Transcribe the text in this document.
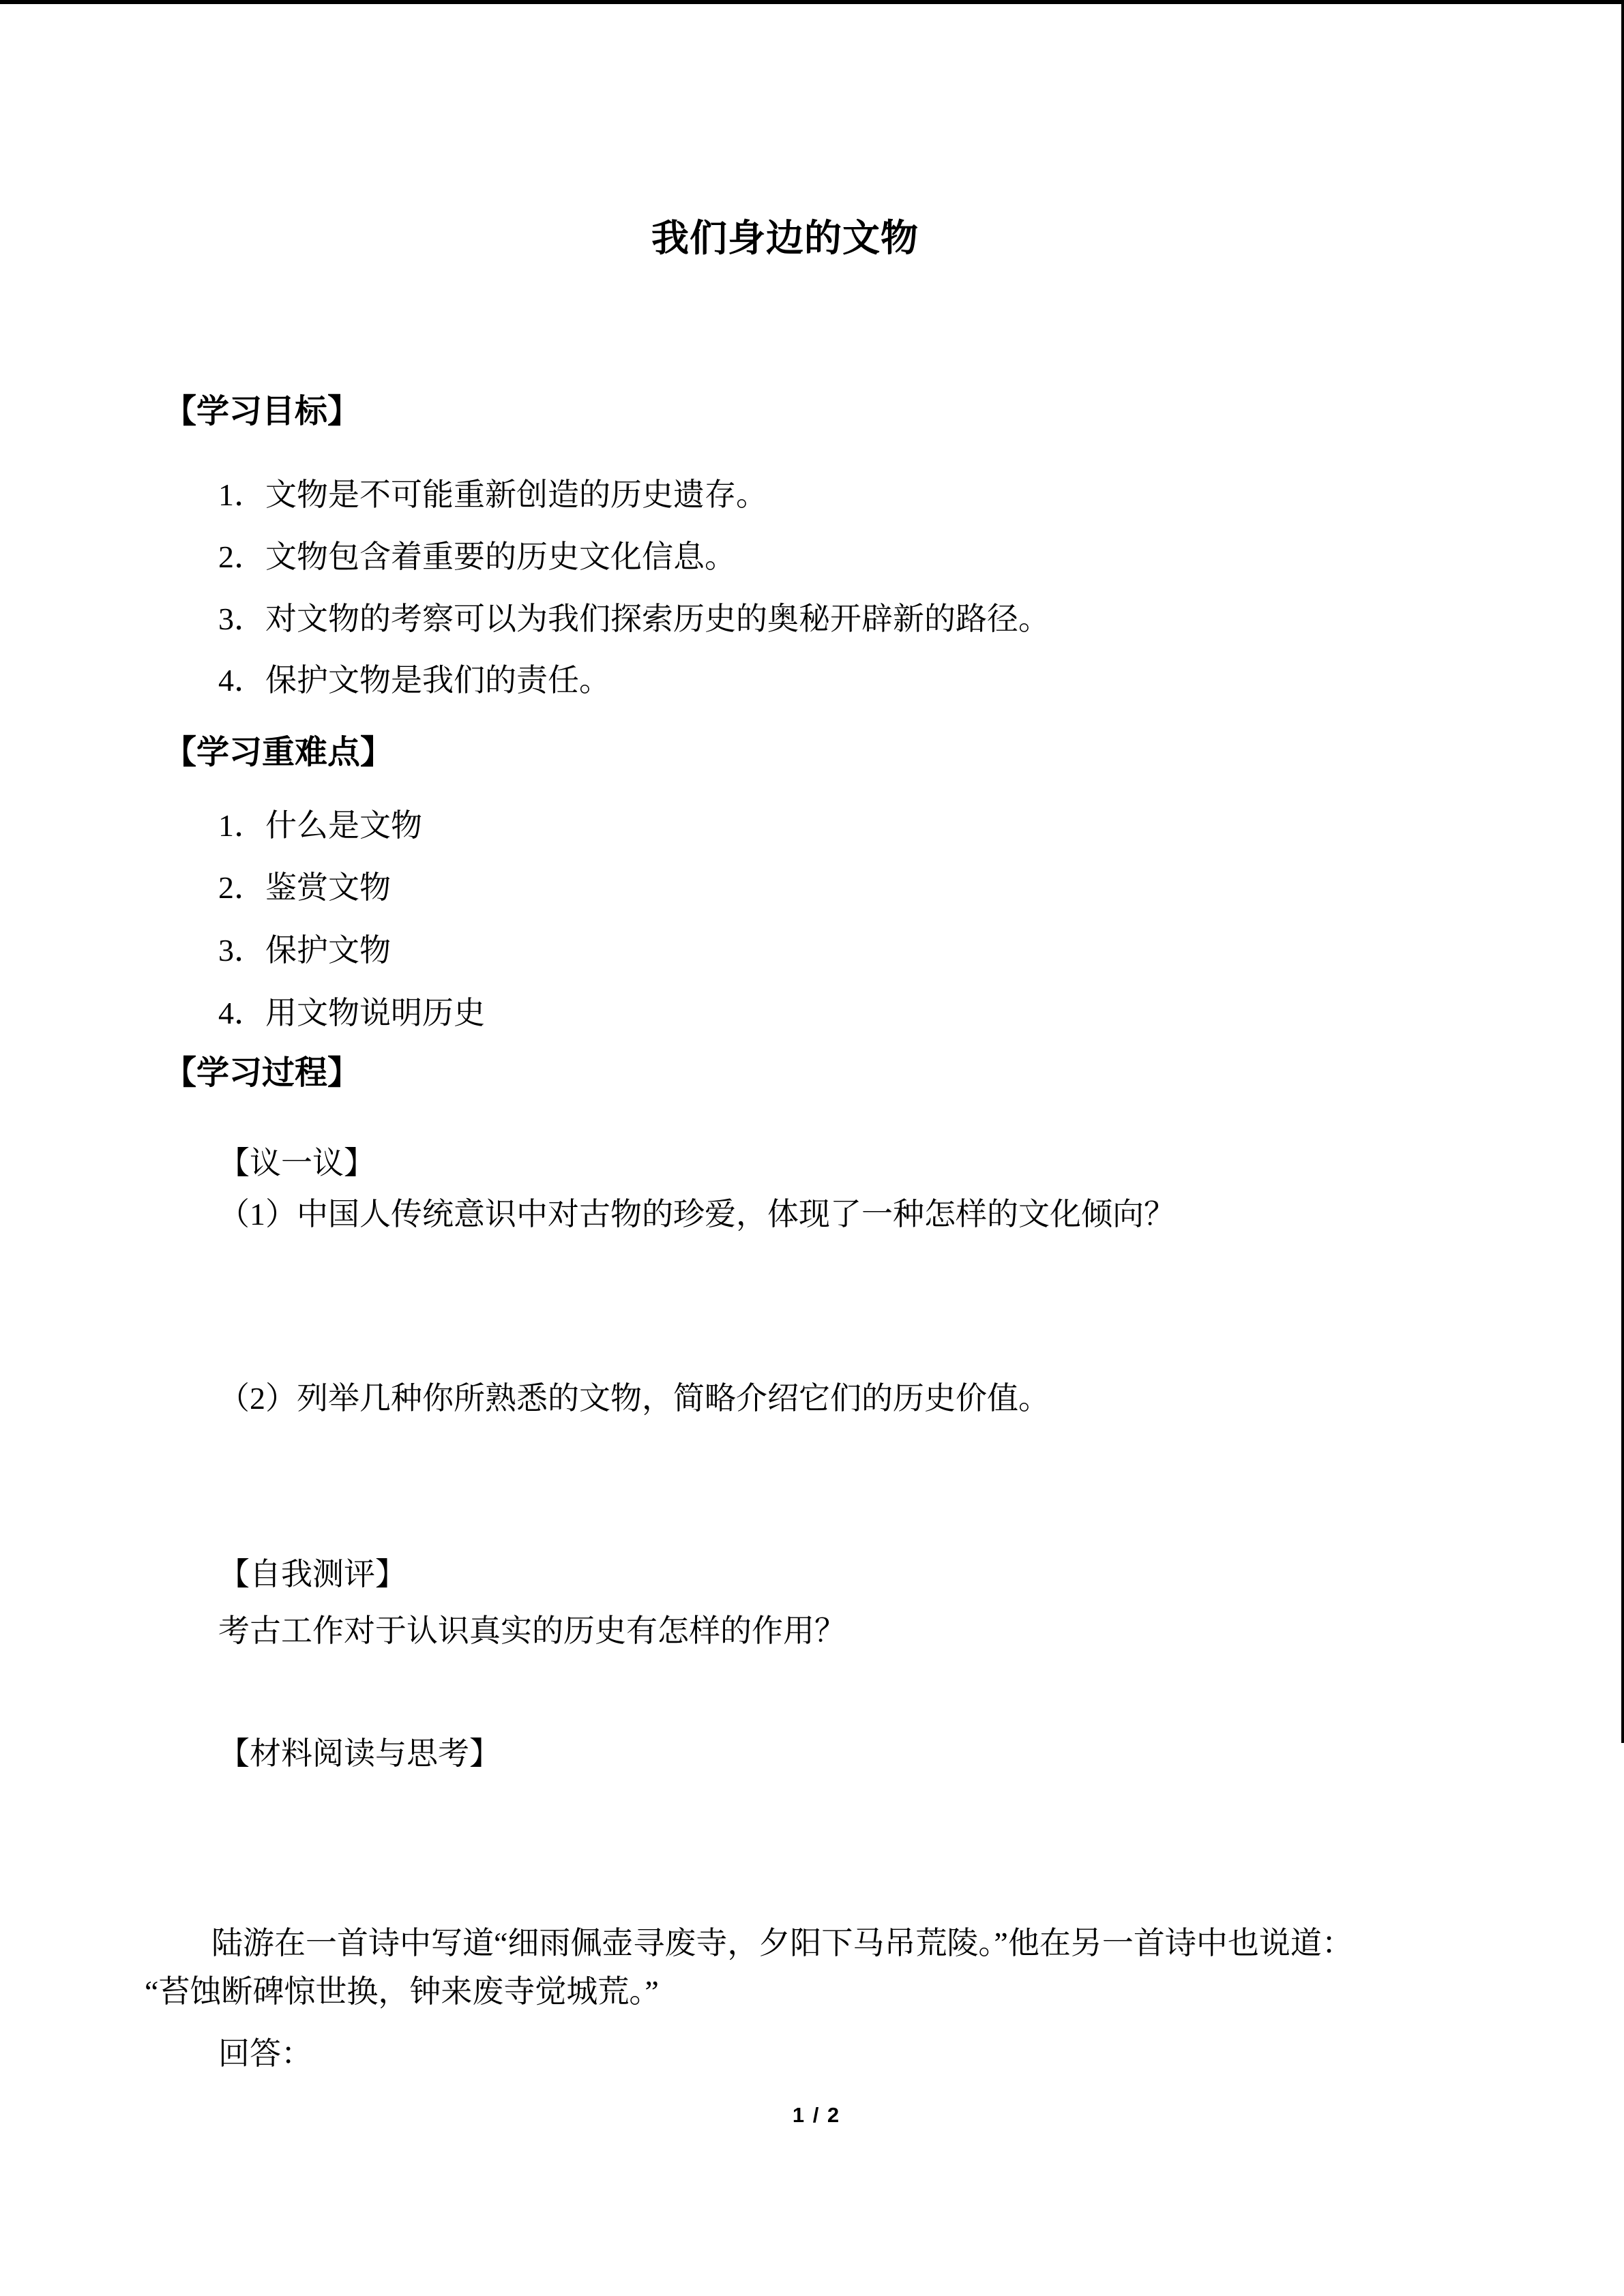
我们身边的文物
【学习目标】
1．文物是不可能重新创造的历史遗存。
2．文物包含着重要的历史文化信息。
3．对文物的考察可以为我们探索历史的奥秘开辟新的路径。
4．保护文物是我们的责任。
【学习重难点】
1．什么是文物
2．鉴赏文物
3．保护文物
4．用文物说明历史
【学习过程】
【议一议】
（1）中国人传统意识中对古物的珍爱，体现了一种怎样的文化倾向？
（2）列举几种你所熟悉的文物，简略介绍它们的历史价值。
【自我测评】
考古工作对于认识真实的历史有怎样的作用？
【材料阅读与思考】
陆游在一首诗中写道“细雨佩壶寻废寺，夕阳下马吊荒陵。”他在另一首诗中也说道：
“苔蚀断碑惊世换，钟来废寺觉城荒。”
回答：
1 / 2
